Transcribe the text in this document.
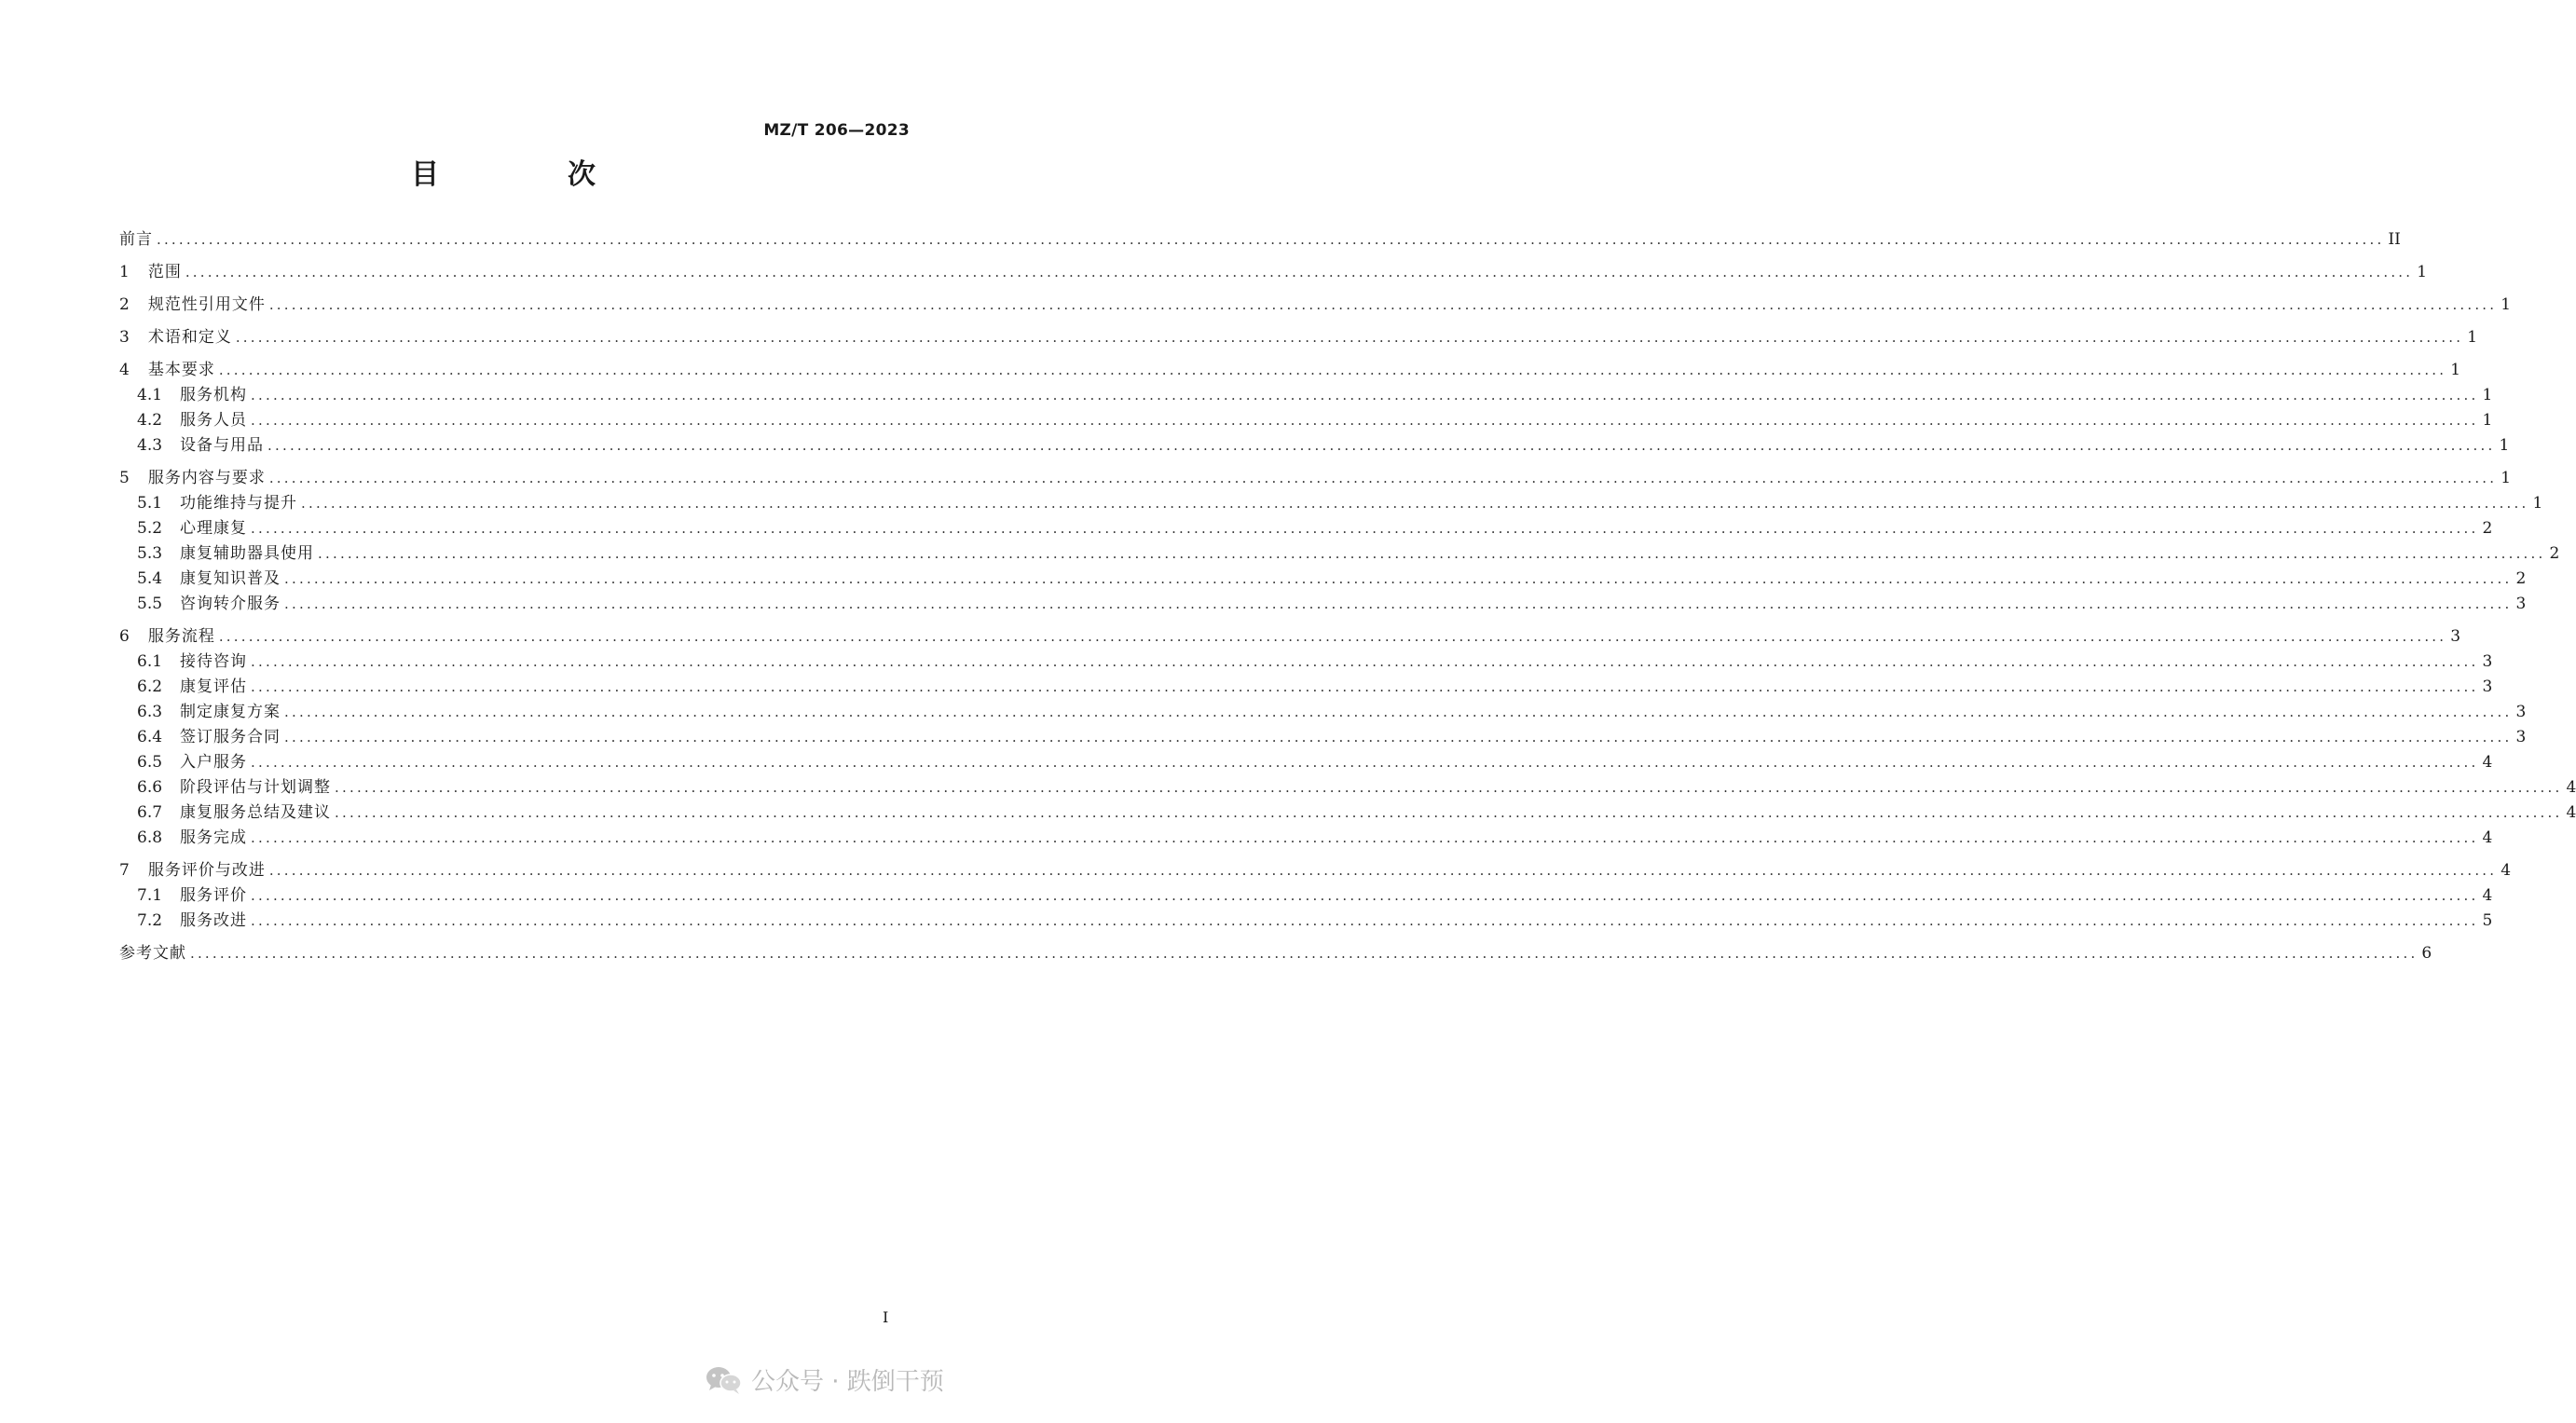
MZ/T 206—2023
目　次
前言 ............................................................................................................................................................................................................................................................................................................ II
1 范围 ............................................................................................................................................................................................................................................................................................................ 1
2 规范性引用文件 ............................................................................................................................................................................................................................................................................................................ 1
3 术语和定义 ............................................................................................................................................................................................................................................................................................................ 1
4 基本要求 ............................................................................................................................................................................................................................................................................................................ 1
4.1 服务机构 ............................................................................................................................................................................................................................................................................................................ 1
4.2 服务人员 ............................................................................................................................................................................................................................................................................................................ 1
4.3 设备与用品 ............................................................................................................................................................................................................................................................................................................ 1
5 服务内容与要求 ............................................................................................................................................................................................................................................................................................................ 1
5.1 功能维持与提升 ............................................................................................................................................................................................................................................................................................................ 1
5.2 心理康复 ............................................................................................................................................................................................................................................................................................................ 2
5.3 康复辅助器具使用 ............................................................................................................................................................................................................................................................................................................ 2
5.4 康复知识普及 ............................................................................................................................................................................................................................................................................................................ 2
5.5 咨询转介服务 ............................................................................................................................................................................................................................................................................................................ 3
6 服务流程 ............................................................................................................................................................................................................................................................................................................ 3
6.1 接待咨询 ............................................................................................................................................................................................................................................................................................................ 3
6.2 康复评估 ............................................................................................................................................................................................................................................................................................................ 3
6.3 制定康复方案 ............................................................................................................................................................................................................................................................................................................ 3
6.4 签订服务合同 ............................................................................................................................................................................................................................................................................................................ 3
6.5 入户服务 ............................................................................................................................................................................................................................................................................................................ 4
6.6 阶段评估与计划调整 ............................................................................................................................................................................................................................................................................................................ 4
6.7 康复服务总结及建议 ............................................................................................................................................................................................................................................................................................................ 4
6.8 服务完成 ............................................................................................................................................................................................................................................................................................................ 4
7 服务评价与改进 ............................................................................................................................................................................................................................................................................................................ 4
7.1 服务评价 ............................................................................................................................................................................................................................................................................................................ 4
7.2 服务改进 ............................................................................................................................................................................................................................................................................................................ 5
参考文献 ............................................................................................................................................................................................................................................................................................................ 6
I
公众号 · 跌倒干预
